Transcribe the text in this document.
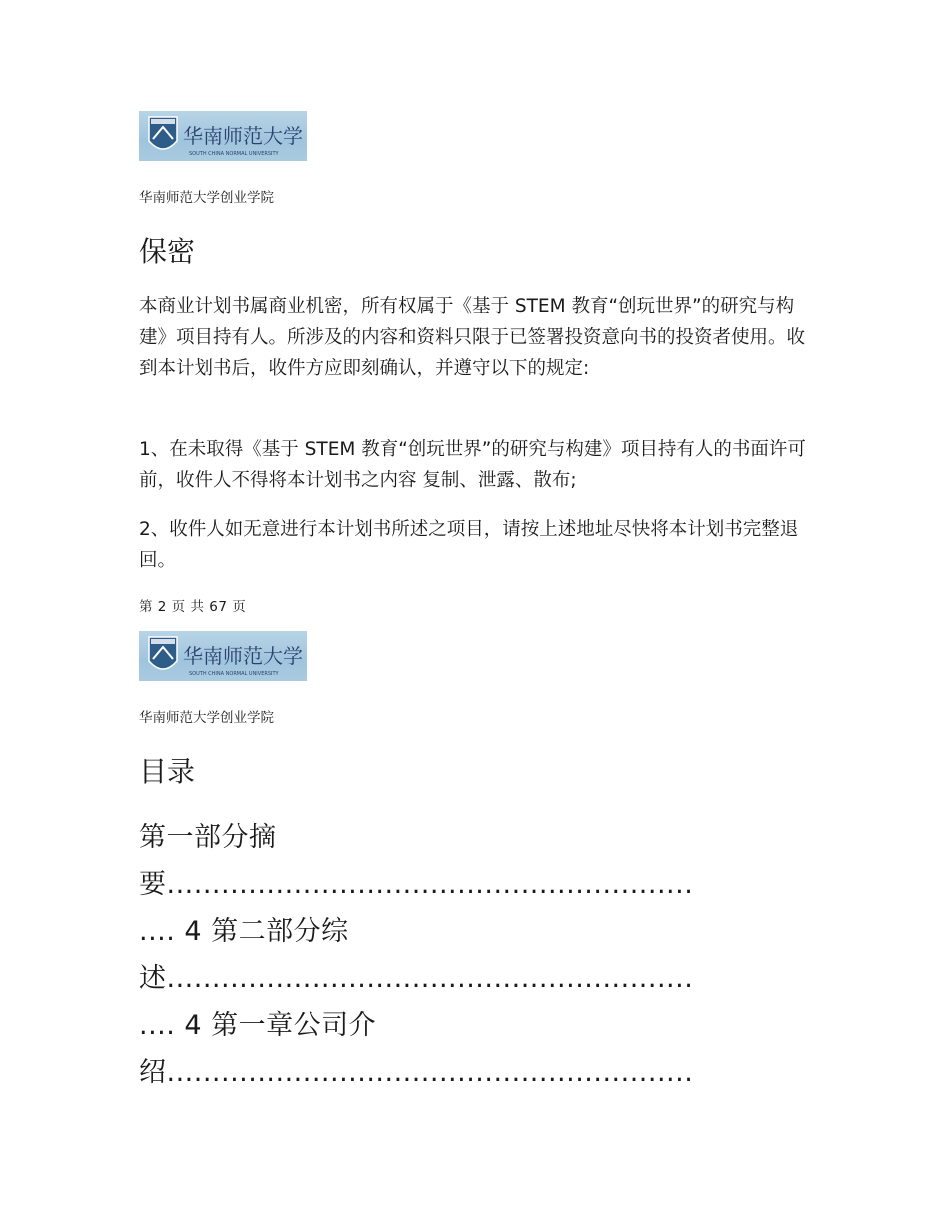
华南师范大学
SOUTH CHINA NORMAL UNIVERSITY
华南师范大学创业学院
保密

本商业计划书属商业机密，所有权属于《基于 STEM 教育“创玩世界”的研究与构建》项目持有人。所涉及的内容和资料只限于已签署投资意向书的投资者使用。收到本计划书后，收件方应即刻确认，并遵守以下的规定:

1、在未取得《基于 STEM 教育“创玩世界”的研究与构建》项目持有人的书面许可前，收件人不得将本计划书之内容 复制、泄露、散布;

2、收件人如无意进行本计划书所述之项目，请按上述地址尽快将本计划书完整退回。

第 2 页 共 67 页
华南师范大学
SOUTH CHINA NORMAL UNIVERSITY
华南师范大学创业学院
目录
第一部分摘
要..........................................................
.... 4 第二部分综
述..........................................................
.... 4 第一章公司介
绍..........................................................
